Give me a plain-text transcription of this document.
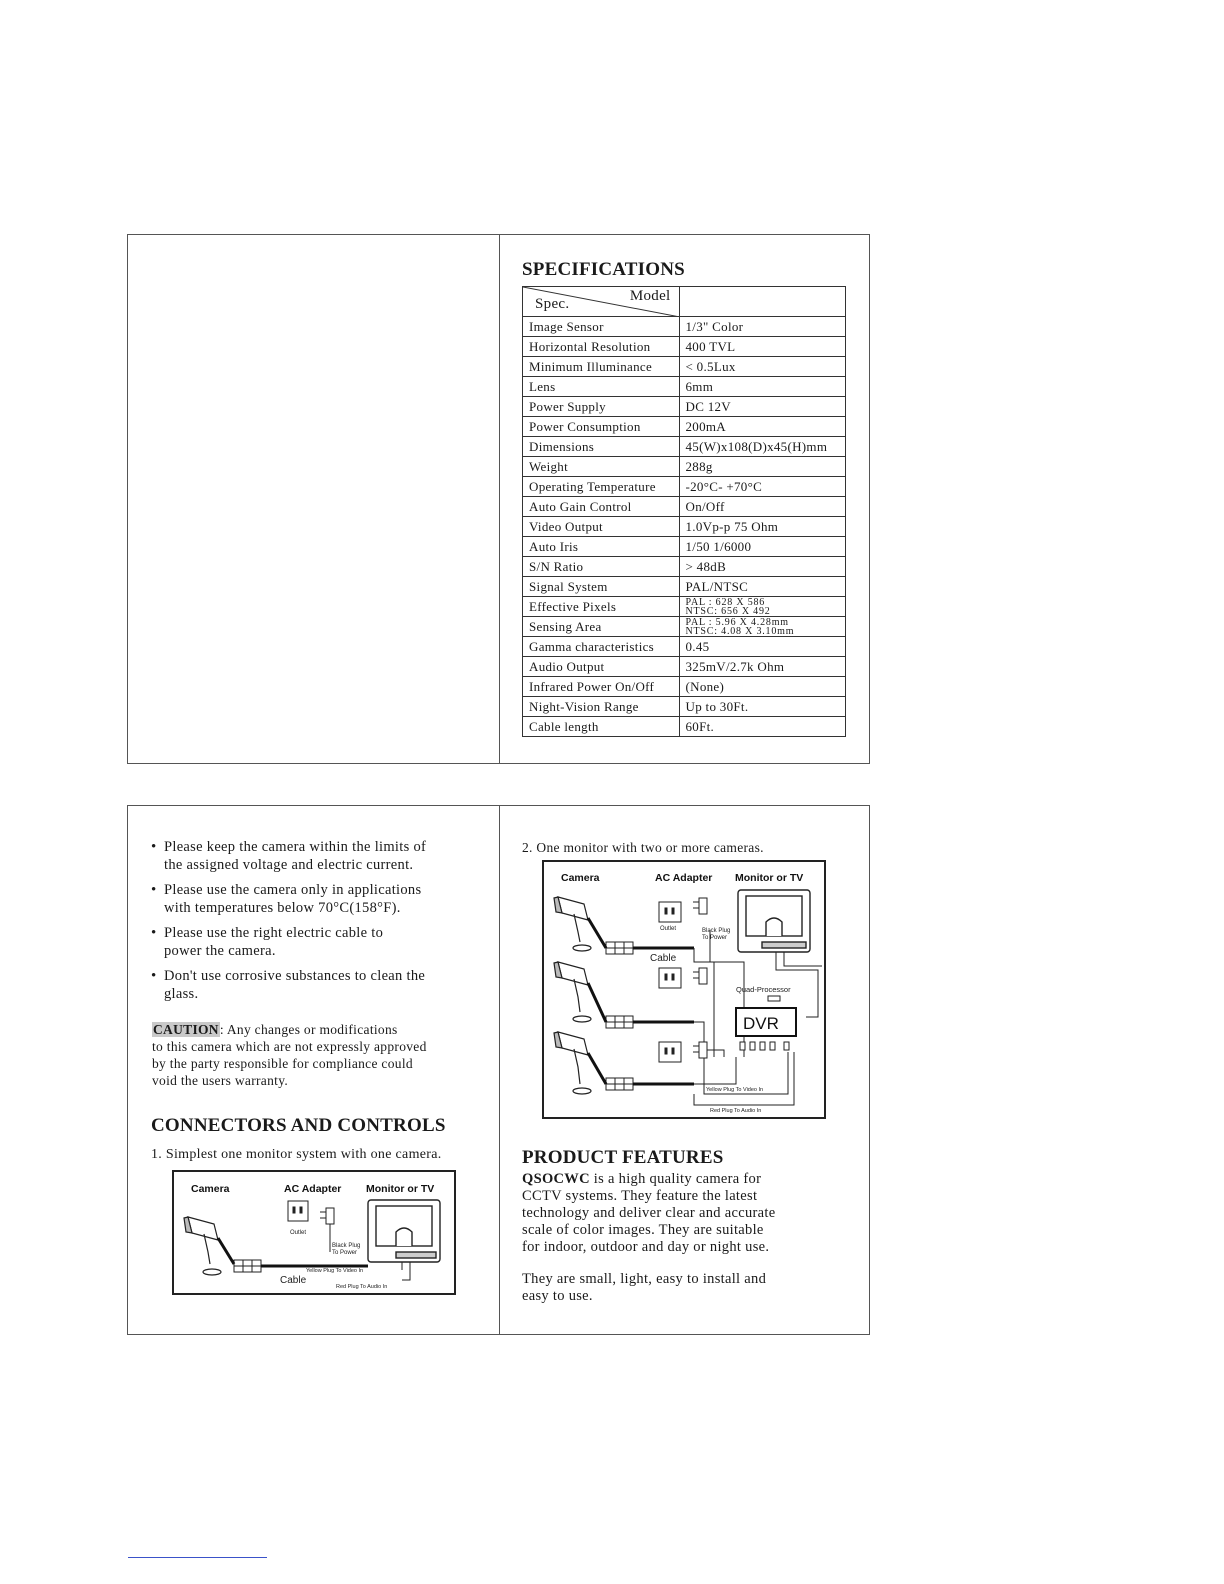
SPECIFICATIONS
Spec. Model	

Image Sensor	1/3" Color
Horizontal Resolution	400 TVL
Minimum Illuminance	< 0.5Lux
Lens	6mm
Power Supply	DC 12V
Power Consumption	200mA
Dimensions	45(W)x108(D)x45(H)mm
Weight	288g
Operating Temperature	-20°C- +70°C
Auto Gain Control	On/Off
Video Output	1.0Vp-p 75 Ohm
Auto Iris	1/50 1/6000
S/N Ratio	> 48dB
Signal System	PAL/NTSC
Effective Pixels	PAL : 628 X 586
NTSC: 656 X 492

Sensing Area	PAL : 5.96 X 4.28mm
NTSC: 4.08 X 3.10mm

Gamma characteristics	0.45
Audio Output	325mV/2.7k Ohm
Infrared Power On/Off	(None)
Night-Vision Range	Up to 30Ft.
Cable length	60Ft.
• Please keep the camera within the limits of
the assigned voltage and electric current.
• Please use the camera only in applications
with temperatures below 70°C(158°F).
• Please use the right electric cable to
power the camera.
• Don't use corrosive substances to clean the
glass.
CAUTION: Any changes or modifications
to this camera which are not expressly approved
by the party responsible for compliance could
void the users warranty.
CONNECTORS AND CONTROLS
1. Simplest one monitor system with one camera.
Camera	AC Adapter Monitor or TV
Outlet
Black Plug
To Power
Yellow Plug To Video In
Red Plug To Audio In
Cable
2. One monitor with two or more cameras.
Camera	AC Adapter Monitor or TV
Outlet	Black Plug
To Power
Cable
Quad-Processor
DVR
Yellow Plug To Video In
Red Plug To Audio In
PRODUCT FEATURES
QSOCWC is a high quality camera for
CCTV systems. They feature the latest
technology and deliver clear and accurate
scale of color images. They are suitable
for indoor, outdoor and day or night use.
They are small, light, easy to install and
easy to use.
